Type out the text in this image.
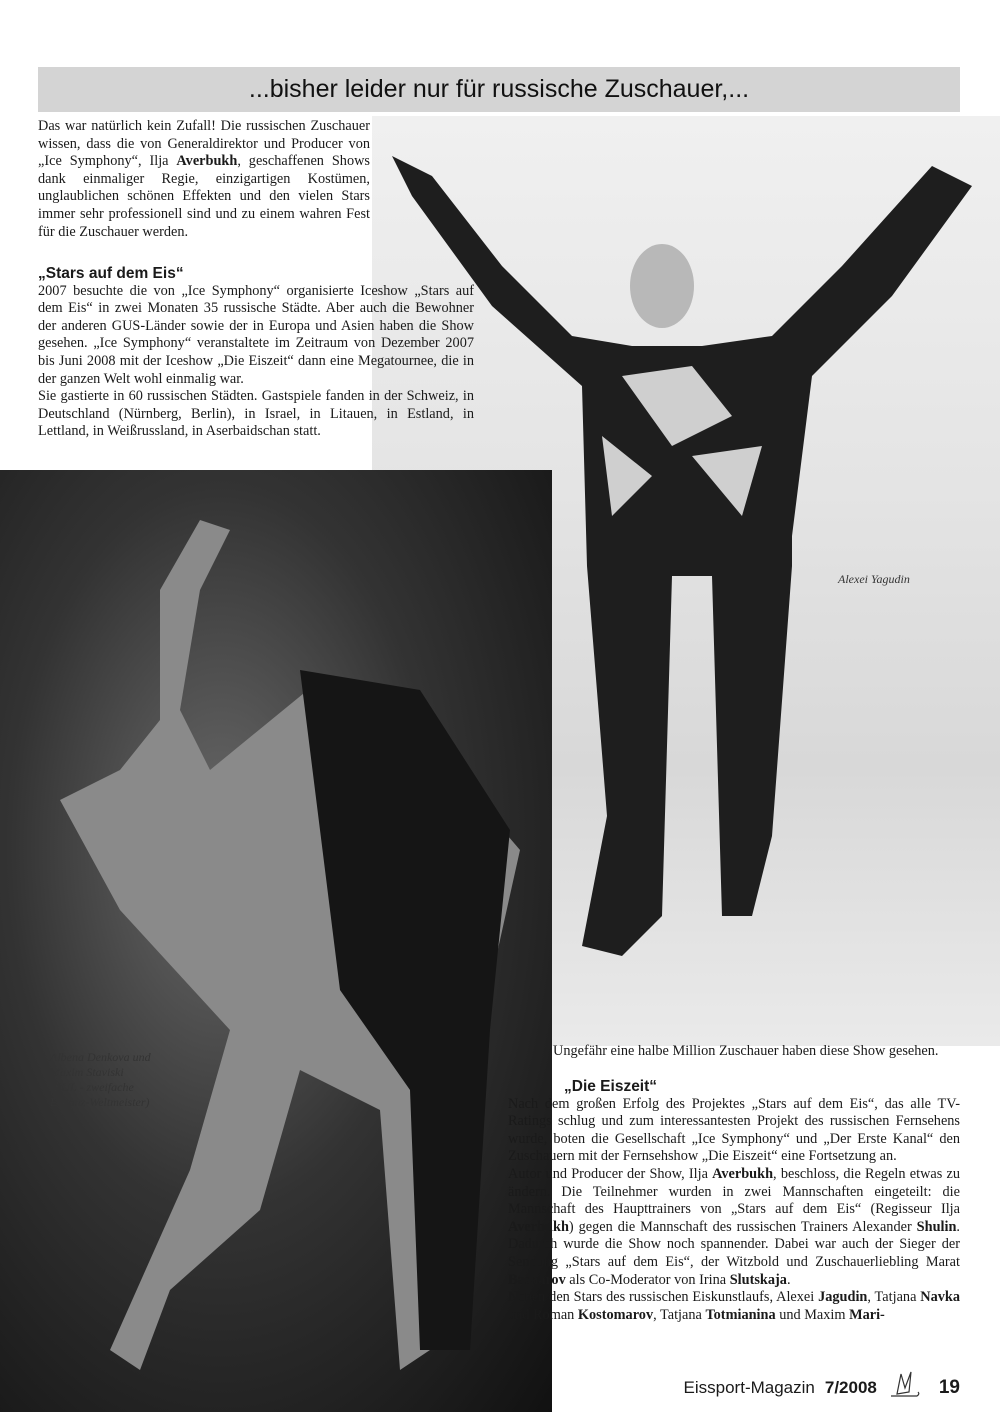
...bisher leider nur für russische Zuschauer,...
Alexei Yagudin
Albena Denkova und
Maxim Staviski
(BUL - zweifache
Eistanz-Weltmeister)

Das war natürlich kein Zufall! Die russischen Zuschauer wissen, dass die von Generaldirektor und Producer von „Ice Symphony“, Ilja Averbukh, geschaffenen Shows dank einmaliger Regie, einzigartigen Kostümen, unglaublichen schönen Effekten und den vielen Stars immer sehr professionell sind und zu einem wahren Fest für die Zuschauer werden.

„Stars auf dem Eis“

2007 besuchte die von „Ice Symphony“ organisierte Iceshow „Stars auf dem Eis“ in zwei Monaten 35 russische Städte. Aber auch die Bewohner der anderen GUS-Länder sowie der in Europa und Asien haben die Show gesehen. „Ice Symphony“ veranstaltete im Zeitraum von Dezember 2007 bis Juni 2008 mit der Iceshow „Die Eiszeit“ dann eine Megatournee, die in der ganzen Welt wohl einmalig war.

Sie gastierte in 60 russischen Städten. Gastspiele fanden in der Schweiz, in Deutschland (Nürnberg, Berlin), in Israel, in Litauen, in Estland, in Lettland, in Weißrussland, in Aserbaidschan statt.

Ungefähr eine halbe Million Zuschauer haben diese Show gesehen.
„Die Eiszeit“

Nach dem großen Erfolg des Projektes „Stars auf dem Eis“, das alle TV-Ratings schlug und zum interessantesten Projekt des russischen Fernsehens wurde, boten die Gesellschaft „Ice Symphony“ und „Der Erste Kanal“ den Zuschauern mit der Fernsehshow „Die Eiszeit“ eine Fortsetzung an.

Autor und Producer der Show, Ilja Averbukh, beschloss, die Regeln etwas zu ändern. Die Teilnehmer wurden in zwei Mannschaften eingeteilt: die Mannschaft des Haupttrainers von „Stars auf dem Eis“ (Regisseur Ilja Averbukh) gegen die Mannschaft des russischen Trainers Alexander Shulin. Dadurch wurde die Show noch spannender. Dabei war auch der Sieger der Sendung „Stars auf dem Eis“, der Witzbold und Zuschauerliebling Marat Basharov als Co-Moderator von Irina Slutskaja.

Neben den Stars des russischen Eiskunstlaufs, Alexei Jagudin, Tatjana Navka und Roman Kostomarov, Tatjana Totmianina und Maxim Mari-

Eissport-Magazin 7/2008	19
